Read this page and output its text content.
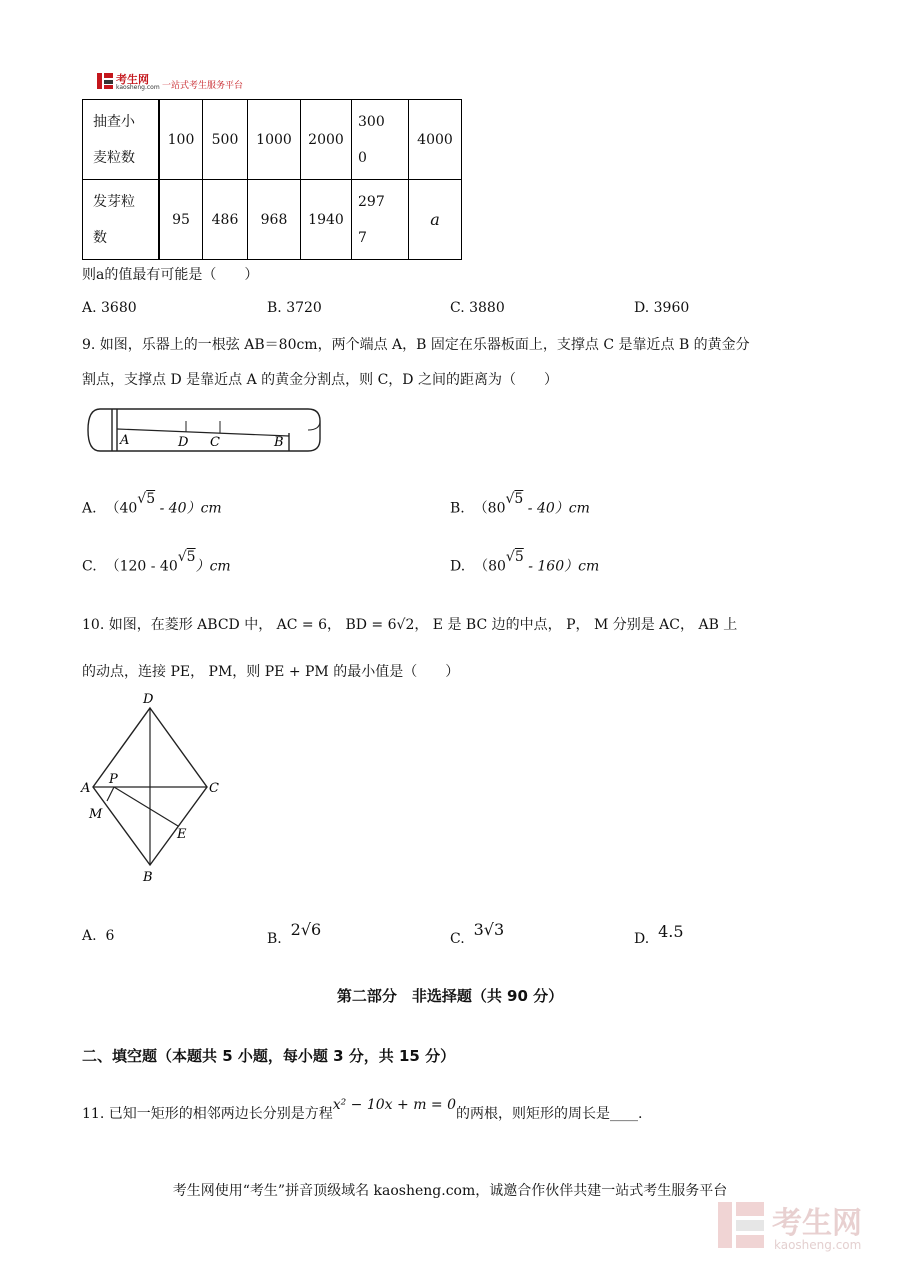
考生网
kaosheng.com 一站式考生服务平台
抽查小麦粒数	100	500	1000	2000	3000	4000
发芽粒数	95	486	968	1940	2977	a
则a的值最有可能是（　　）
A. 3680	B. 3720	C. 3880	D. 3960
9. 如图，乐器上的一根弦 AB＝80cm，两个端点 A，B 固定在乐器板面上，支撑点 C 是靠近点 B 的黄金分
割点，支撑点 D 是靠近点 A 的黄金分割点，则 C，D 之间的距离为（　　）
A	D C	B
A. $(40^{√5} - 40)cm$	B. $(80^{√5} - 40)cm$
C. $(120 - 40^{√5})cm$	D. $(80^{√5} - 160)cm$
10. 如图，在菱形 ABCD 中， AC = 6， BD = 6√2， E 是 BC 边的中点， P， M 分别是 AC， AB 上
的动点，连接 PE， PM，则 PE + PM 的最小值是（　　）
D
A
P
C
M
E
B
A. 6	B. 2√6	C. 3√3	D. 4.5
第二部分　非选择题（共 90 分）
二、填空题（本题共 5 小题，每小题 3 分，共 15 分）
11. 已知一矩形的相邻两边长分别是方程x² − 10x + m = 0的两根，则矩形的周长是____.
考生网使用“考生”拼音顶级域名 kaosheng.com，诚邀合作伙伴共建一站式考生服务平台
考生网
kaosheng.com
